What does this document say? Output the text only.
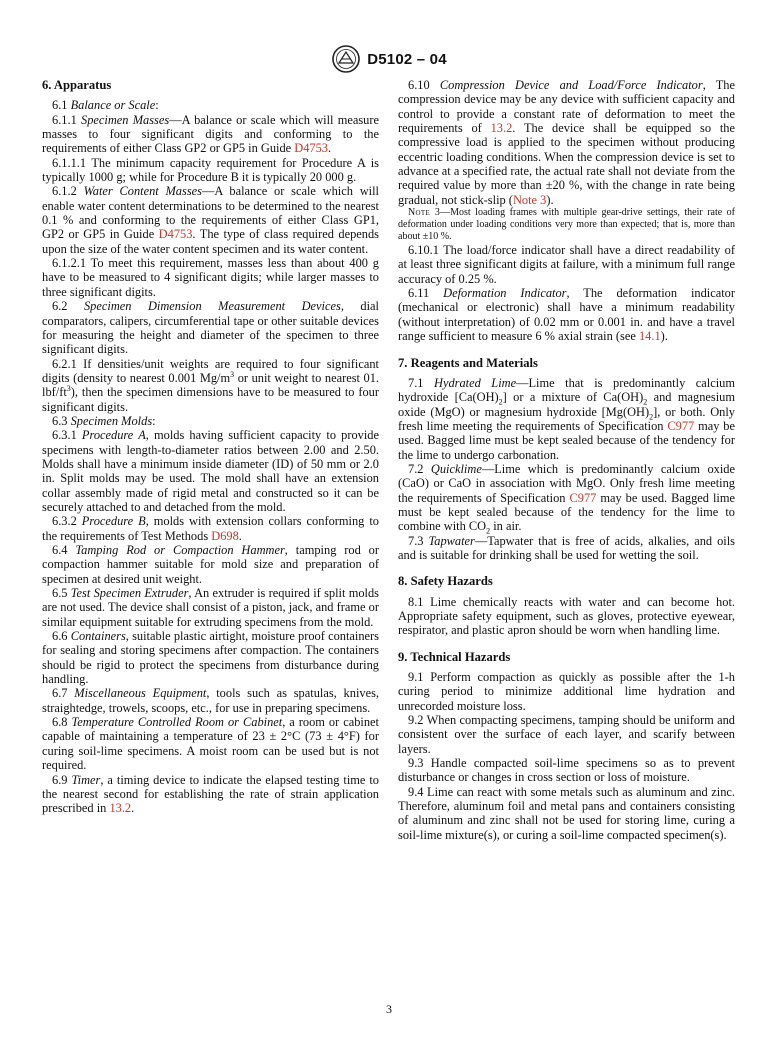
D5102 – 04
6. Apparatus

6.1 Balance or Scale:

6.1.1 Specimen Masses—A balance or scale which will measure masses to four significant digits and conforming to the requirements of either Class GP2 or GP5 in Guide D4753.

6.1.1.1 The minimum capacity requirement for Procedure A is typically 1000 g; while for Procedure B it is typically 20 000 g.

6.1.2 Water Content Masses—A balance or scale which will enable water content determinations to be determined to the nearest 0.1 % and conforming to the requirements of either Class GP1, GP2 or GP5 in Guide D4753. The type of class required depends upon the size of the water content specimen and its water content.

6.1.2.1 To meet this requirement, masses less than about 400 g have to be measured to 4 significant digits; while larger masses to three significant digits.

6.2 Specimen Dimension Measurement Devices, dial comparators, calipers, circumferential tape or other suitable devices for measuring the height and diameter of the specimen to three significant digits.

6.2.1 If densities/unit weights are required to four significant digits (density to nearest 0.001 $Mg/m^3$ or unit weight to nearest 01. lbf/$ft^3$), then the specimen dimensions have to be measured to four significant digits.

6.3 Specimen Molds:

6.3.1 Procedure A, molds having sufficient capacity to provide specimens with length-to-diameter ratios between 2.00 and 2.50. Molds shall have a minimum inside diameter (ID) of 50 mm or 2.0 in. Split molds may be used. The mold shall have an extension collar assembly made of rigid metal and constructed so it can be securely attached to and detached from the mold.

6.3.2 Procedure B, molds with extension collars conforming to the requirements of Test Methods D698.

6.4 Tamping Rod or Compaction Hammer, tamping rod or compaction hammer suitable for mold size and preparation of specimen at desired unit weight.

6.5 Test Specimen Extruder, An extruder is required if split molds are not used. The device shall consist of a piston, jack, and frame or similar equipment suitable for extruding specimens from the mold.

6.6 Containers, suitable plastic airtight, moisture proof containers for sealing and storing specimens after compaction. The containers should be rigid to protect the specimens from disturbance during handling.

6.7 Miscellaneous Equipment, tools such as spatulas, knives, straightedge, trowels, scoops, etc., for use in preparing specimens.

6.8 Temperature Controlled Room or Cabinet, a room or cabinet capable of maintaining a temperature of 23 ± 2°C (73 ± 4°F) for curing soil-lime specimens. A moist room can be used but is not required.

6.9 Timer, a timing device to indicate the elapsed testing time to the nearest second for establishing the rate of strain application prescribed in 13.2.

6.10 Compression Device and Load/Force Indicator, The compression device may be any device with sufficient capacity and control to provide a constant rate of deformation to meet the requirements of 13.2. The device shall be equipped so the compressive load is applied to the specimen without producing eccentric loading conditions. When the compression device is set to advance at a specified rate, the actual rate shall not deviate from the required value by more than ±20 %, with the change in rate being gradual, not stick-slip (Note 3).

Note 3—Most loading frames with multiple gear-drive settings, their rate of deformation under loading conditions very more than expected; that is, more than about ±10 %.

6.10.1 The load/force indicator shall have a direct readability of at least three significant digits at failure, with a minimum full range accuracy of 0.25 %.

6.11 Deformation Indicator, The deformation indicator (mechanical or electronic) shall have a minimum readability (without interpretation) of 0.02 mm or 0.001 in. and have a travel range sufficient to measure 6 % axial strain (see 14.1).

7. Reagents and Materials

7.1 Hydrated Lime—Lime that is predominantly calcium hydroxide $[Ca(OH)_2]$ or a mixture of $Ca(OH)_2$ and magnesium oxide (MgO) or magnesium hydroxide $[Mg(OH)_2]$, or both. Only fresh lime meeting the requirements of Specification C977 may be used. Bagged lime must be kept sealed because of the tendency for the lime to undergo carbonation.

7.2 Quicklime—Lime which is predominantly calcium oxide (CaO) or CaO in association with MgO. Only fresh lime meeting the requirements of Specification C977 may be used. Bagged lime must be kept sealed because of the tendency for the lime to combine with $CO_2$ in air.

7.3 Tapwater—Tapwater that is free of acids, alkalies, and oils and is suitable for drinking shall be used for wetting the soil.

8. Safety Hazards

8.1 Lime chemically reacts with water and can become hot. Appropriate safety equipment, such as gloves, protective eyewear, respirator, and plastic apron should be worn when handling lime.

9. Technical Hazards

9.1 Perform compaction as quickly as possible after the 1-h curing period to minimize additional lime hydration and unrecorded moisture loss.

9.2 When compacting specimens, tamping should be uniform and consistent over the surface of each layer, and scarify between layers.

9.3 Handle compacted soil-lime specimens so as to prevent disturbance or changes in cross section or loss of moisture.

9.4 Lime can react with some metals such as aluminum and zinc. Therefore, aluminum foil and metal pans and containers consisting of aluminum and zinc shall not be used for storing lime, curing a soil-lime mixture(s), or curing a soil-lime compacted specimen(s).

3
